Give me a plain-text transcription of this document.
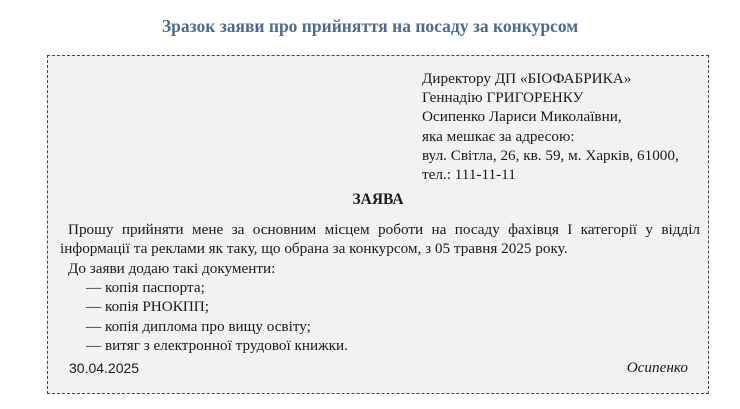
Зразок заяви про прийняття на посаду за конкурсом
Директору ДП «БІОФАБРИКА»
Геннадію ГРИГОРЕНКУ
Осипенко Лариси Миколаївни,
яка мешкає за адресою:
вул. Світла, 26, кв. 59, м. Харків, 61000,
тел.: 111-11-11
ЗАЯВА
Прошу прийняти мене за основним місцем роботи на посаду фахівця І категорії у відділ інформації та реклами як таку, що обрана за конкурсом, з 05 травня 2025 року.
До заяви додаю такі документи:
— копія паспорта;
— копія РНОКПП;
— копія диплома про вищу освіту;
— витяг з електронної трудової книжки.
30.04.2025	Осипенко
